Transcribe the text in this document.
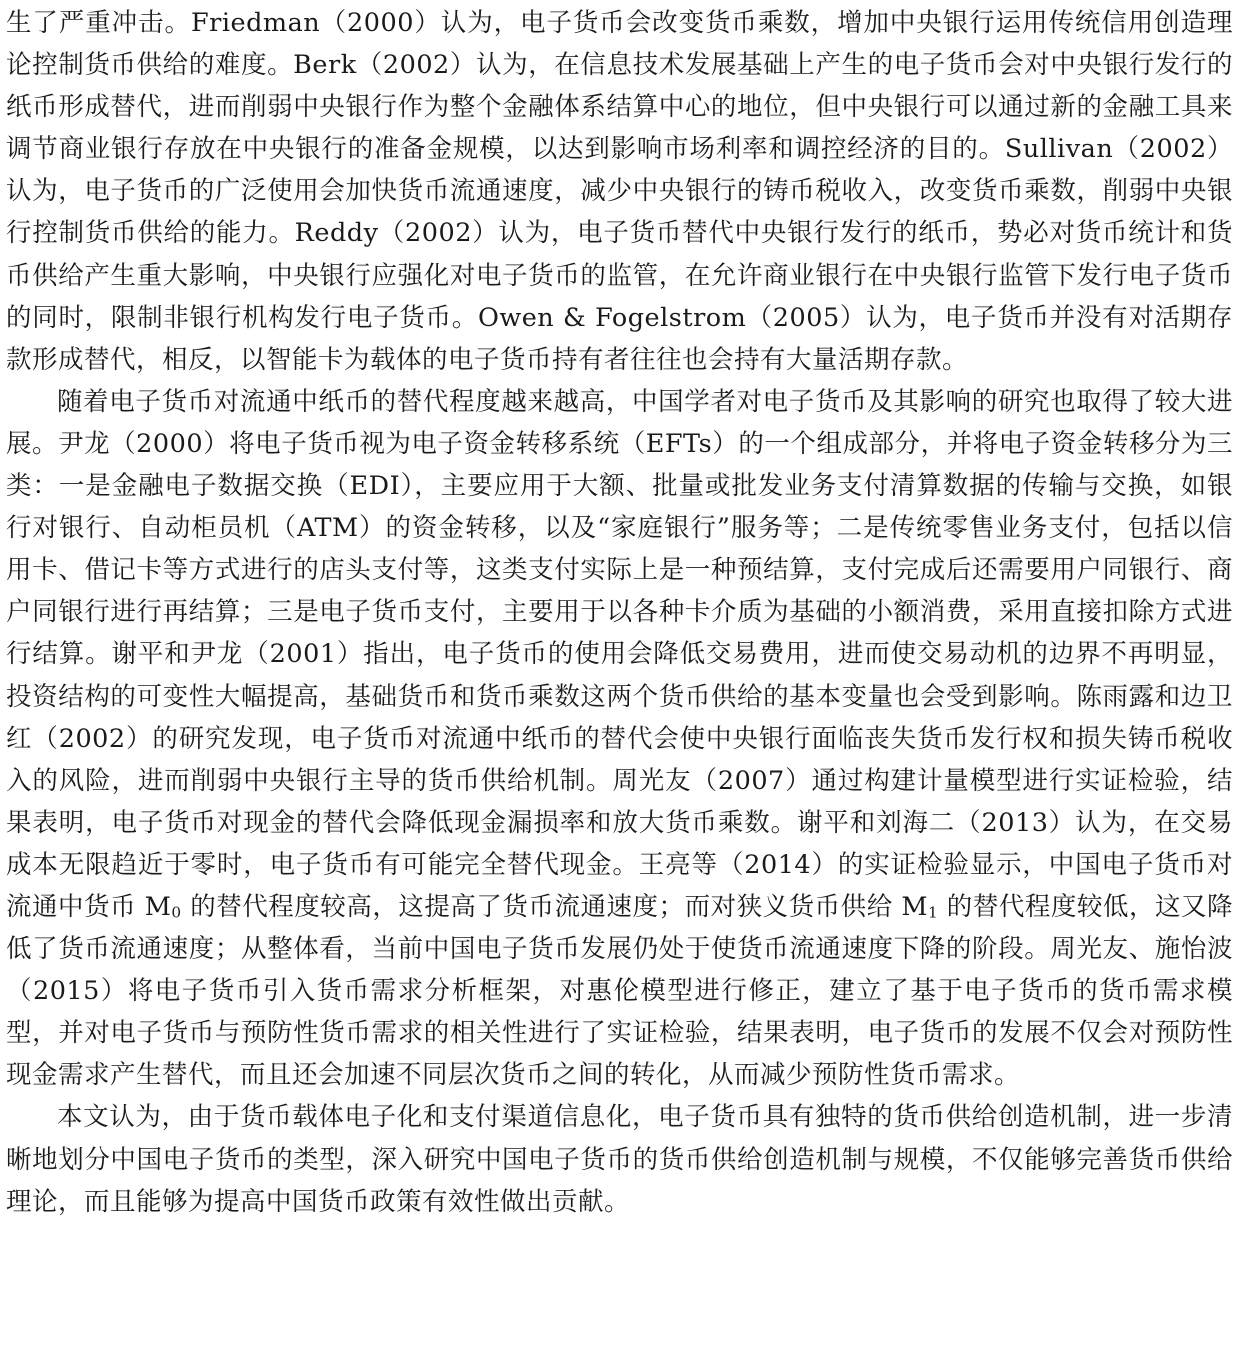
生了严重冲击。Friedman（2000）认为，电子货币会改变货币乘数，增加中央银行运用传统信用创造理论控制货币供给的难度。Berk（2002）认为，在信息技术发展基础上产生的电子货币会对中央银行发行的纸币形成替代，进而削弱中央银行作为整个金融体系结算中心的地位，但中央银行可以通过新的金融工具来调节商业银行存放在中央银行的准备金规模，以达到影响市场利率和调控经济的目的。Sullivan（2002）认为，电子货币的广泛使用会加快货币流通速度，减少中央银行的铸币税收入，改变货币乘数，削弱中央银行控制货币供给的能力。Reddy（2002）认为，电子货币替代中央银行发行的纸币，势必对货币统计和货币供给产生重大影响，中央银行应强化对电子货币的监管，在允许商业银行在中央银行监管下发行电子货币的同时，限制非银行机构发行电子货币。Owen & Fogelstrom（2005）认为，电子货币并没有对活期存款形成替代，相反，以智能卡为载体的电子货币持有者往往也会持有大量活期存款。

随着电子货币对流通中纸币的替代程度越来越高，中国学者对电子货币及其影响的研究也取得了较大进展。尹龙（2000）将电子货币视为电子资金转移系统（EFTs）的一个组成部分，并将电子资金转移分为三类：一是金融电子数据交换（EDI），主要应用于大额、批量或批发业务支付清算数据的传输与交换，如银行对银行、自动柜员机（ATM）的资金转移，以及“家庭银行”服务等；二是传统零售业务支付，包括以信用卡、借记卡等方式进行的店头支付等，这类支付实际上是一种预结算，支付完成后还需要用户同银行、商户同银行进行再结算；三是电子货币支付，主要用于以各种卡介质为基础的小额消费，采用直接扣除方式进行结算。谢平和尹龙（2001）指出，电子货币的使用会降低交易费用，进而使交易动机的边界不再明显，投资结构的可变性大幅提高，基础货币和货币乘数这两个货币供给的基本变量也会受到影响。陈雨露和边卫红（2002）的研究发现，电子货币对流通中纸币的替代会使中央银行面临丧失货币发行权和损失铸币税收入的风险，进而削弱中央银行主导的货币供给机制。周光友（2007）通过构建计量模型进行实证检验，结果表明，电子货币对现金的替代会降低现金漏损率和放大货币乘数。谢平和刘海二（2013）认为，在交易成本无限趋近于零时，电子货币有可能完全替代现金。王亮等（2014）的实证检验显示，中国电子货币对流通中货币 $M_0$ 的替代程度较高，这提高了货币流通速度；而对狭义货币供给 $M_1$ 的替代程度较低，这又降低了货币流通速度；从整体看，当前中国电子货币发展仍处于使货币流通速度下降的阶段。周光友、施怡波（2015）将电子货币引入货币需求分析框架，对惠伦模型进行修正，建立了基于电子货币的货币需求模型，并对电子货币与预防性货币需求的相关性进行了实证检验，结果表明，电子货币的发展不仅会对预防性现金需求产生替代，而且还会加速不同层次货币之间的转化，从而减少预防性货币需求。

本文认为，由于货币载体电子化和支付渠道信息化，电子货币具有独特的货币供给创造机制，进一步清晰地划分中国电子货币的类型，深入研究中国电子货币的货币供给创造机制与规模，不仅能够完善货币供给理论，而且能够为提高中国货币政策有效性做出贡献。
